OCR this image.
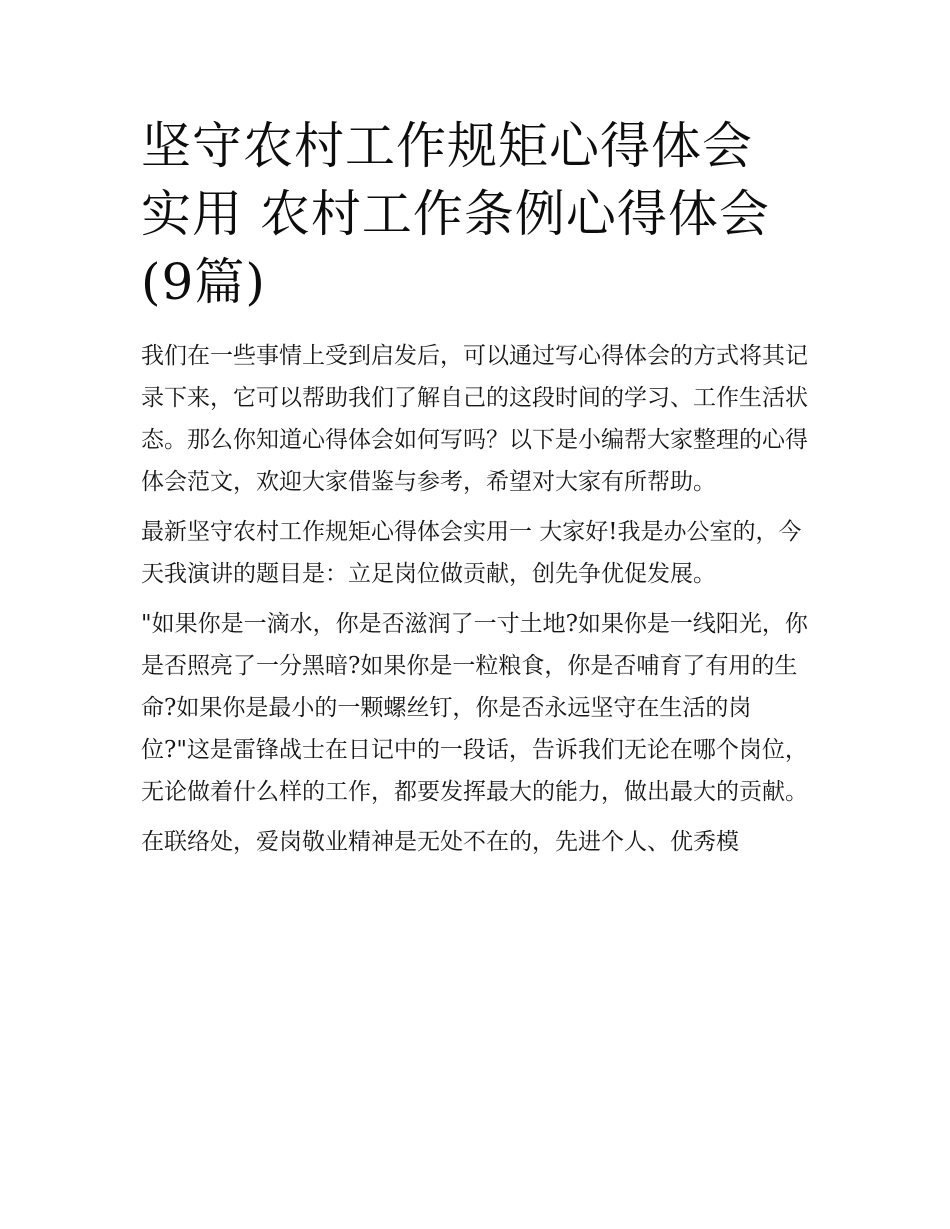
坚守农村工作规矩心得体会实用 农村工作条例心得体会(9篇)

我们在一些事情上受到启发后，可以通过写心得体会的方式将其记录下来，它可以帮助我们了解自己的这段时间的学习、工作生活状态。那么你知道心得体会如何写吗？以下是小编帮大家整理的心得体会范文，欢迎大家借鉴与参考，希望对大家有所帮助。

最新坚守农村工作规矩心得体会实用一 大家好!我是办公室的，今天我演讲的题目是：立足岗位做贡献，创先争优促发展。

"如果你是一滴水，你是否滋润了一寸土地?如果你是一线阳光，你是否照亮了一分黑暗?如果你是一粒粮食，你是否哺育了有用的生命?如果你是最小的一颗螺丝钉，你是否永远坚守在生活的岗位?"这是雷锋战士在日记中的一段话，告诉我们无论在哪个岗位，无论做着什么样的工作，都要发挥最大的能力，做出最大的贡献。

在联络处，爱岗敬业精神是无处不在的，先进个人、优秀模
